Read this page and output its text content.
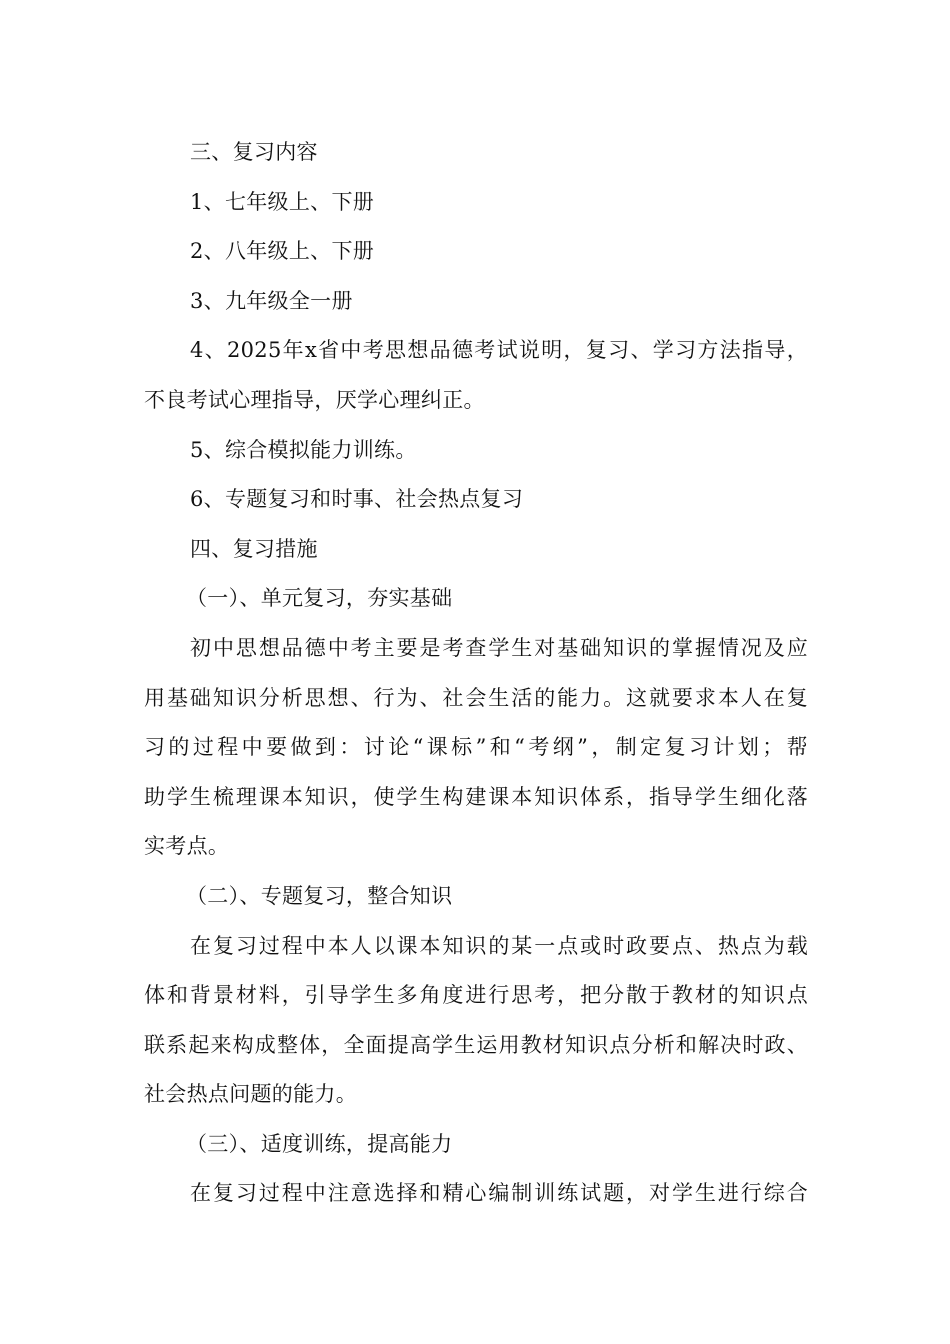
三、复习内容
1、七年级上、下册
2、八年级上、下册
3、九年级全一册
4、2025年x省中考思想品德考试说明，复习、学习方法指导，
不良考试心理指导，厌学心理纠正。
5、综合模拟能力训练。
6、专题复习和时事、社会热点复习
四、复习措施
（一）、单元复习，夯实基础
初中思想品德中考主要是考查学生对基础知识的掌握情况及应
用基础知识分析思想、行为、社会生活的能力。这就要求本人在复
习的过程中要做到：讨论“课标”和“考纲”，制定复习计划；帮
助学生梳理课本知识，使学生构建课本知识体系，指导学生细化落
实考点。
（二）、专题复习，整合知识
在复习过程中本人以课本知识的某一点或时政要点、热点为载
体和背景材料，引导学生多角度进行思考，把分散于教材的知识点
联系起来构成整体，全面提高学生运用教材知识点分析和解决时政、
社会热点问题的能力。
（三）、适度训练，提高能力
在复习过程中注意选择和精心编制训练试题，对学生进行综合
